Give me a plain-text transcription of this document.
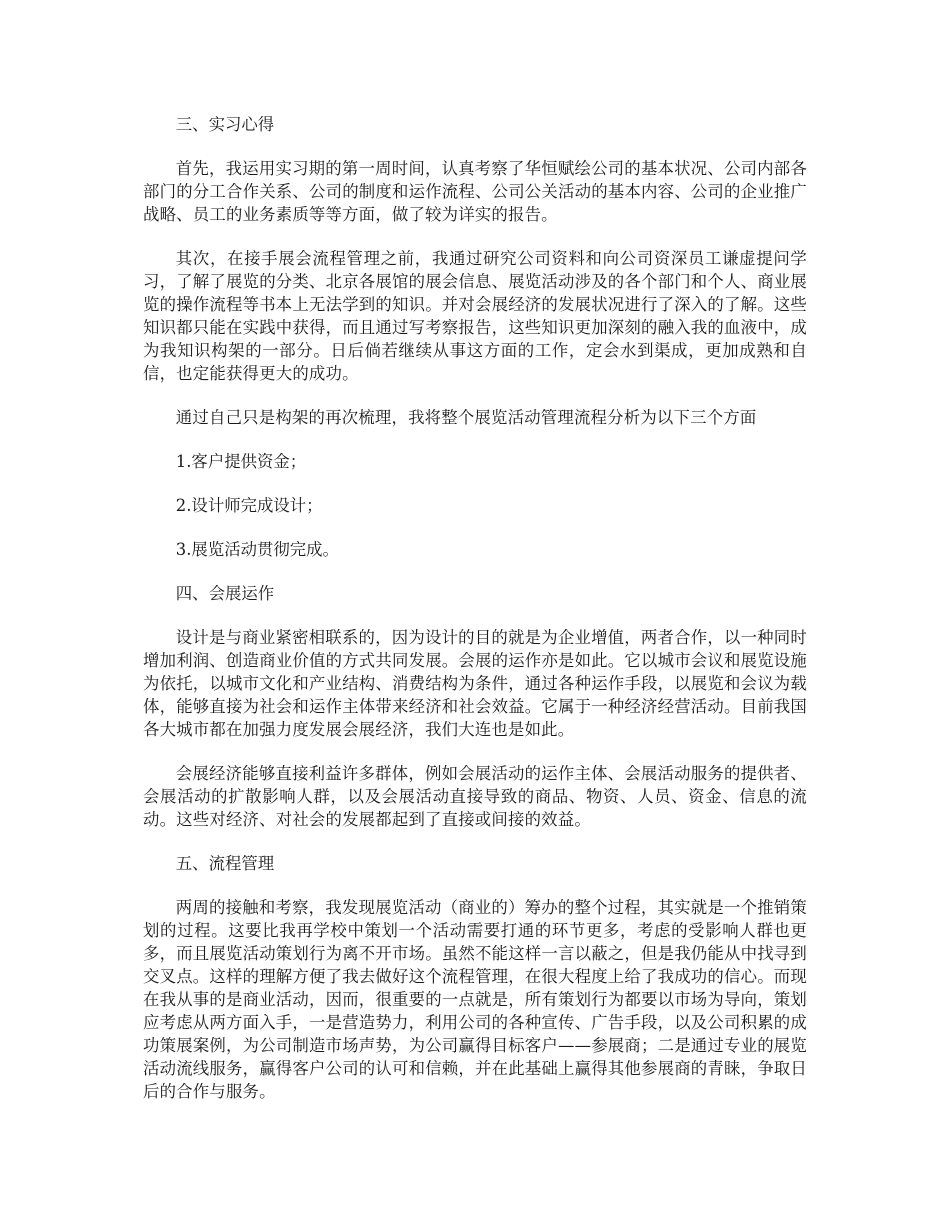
三、实习心得

首先，我运用实习期的第一周时间，认真考察了华恒赋绘公司的基本状况、公司内部各部门的分工合作关系、公司的制度和运作流程、公司公关活动的基本内容、公司的企业推广战略、员工的业务素质等等方面，做了较为详实的报告。

其次，在接手展会流程管理之前，我通过研究公司资料和向公司资深员工谦虚提问学习，了解了展览的分类、北京各展馆的展会信息、展览活动涉及的各个部门和个人、商业展览的操作流程等书本上无法学到的知识。并对会展经济的发展状况进行了深入的了解。这些知识都只能在实践中获得，而且通过写考察报告，这些知识更加深刻的融入我的血液中，成为我知识构架的一部分。日后倘若继续从事这方面的工作，定会水到渠成，更加成熟和自信，也定能获得更大的成功。

通过自己只是构架的再次梳理，我将整个展览活动管理流程分析为以下三个方面

1.客户提供资金；

2.设计师完成设计；

3.展览活动贯彻完成。

四、会展运作

设计是与商业紧密相联系的，因为设计的目的就是为企业增值，两者合作，以一种同时增加利润、创造商业价值的方式共同发展。会展的运作亦是如此。它以城市会议和展览设施为依托，以城市文化和产业结构、消费结构为条件，通过各种运作手段，以展览和会议为载体，能够直接为社会和运作主体带来经济和社会效益。它属于一种经济经营活动。目前我国各大城市都在加强力度发展会展经济，我们大连也是如此。

会展经济能够直接利益许多群体，例如会展活动的运作主体、会展活动服务的提供者、会展活动的扩散影响人群，以及会展活动直接导致的商品、物资、人员、资金、信息的流动。这些对经济、对社会的发展都起到了直接或间接的效益。

五、流程管理

两周的接触和考察，我发现展览活动（商业的）筹办的整个过程，其实就是一个推销策划的过程。这要比我再学校中策划一个活动需要打通的环节更多，考虑的受影响人群也更多，而且展览活动策划行为离不开市场。虽然不能这样一言以蔽之，但是我仍能从中找寻到交叉点。这样的理解方便了我去做好这个流程管理，在很大程度上给了我成功的信心。而现在我从事的是商业活动，因而，很重要的一点就是，所有策划行为都要以市场为导向，策划应考虑从两方面入手，一是营造势力，利用公司的各种宣传、广告手段，以及公司积累的成功策展案例，为公司制造市场声势，为公司赢得目标客户——参展商；二是通过专业的展览活动流线服务，赢得客户公司的认可和信赖，并在此基础上赢得其他参展商的青睐，争取日后的合作与服务。
